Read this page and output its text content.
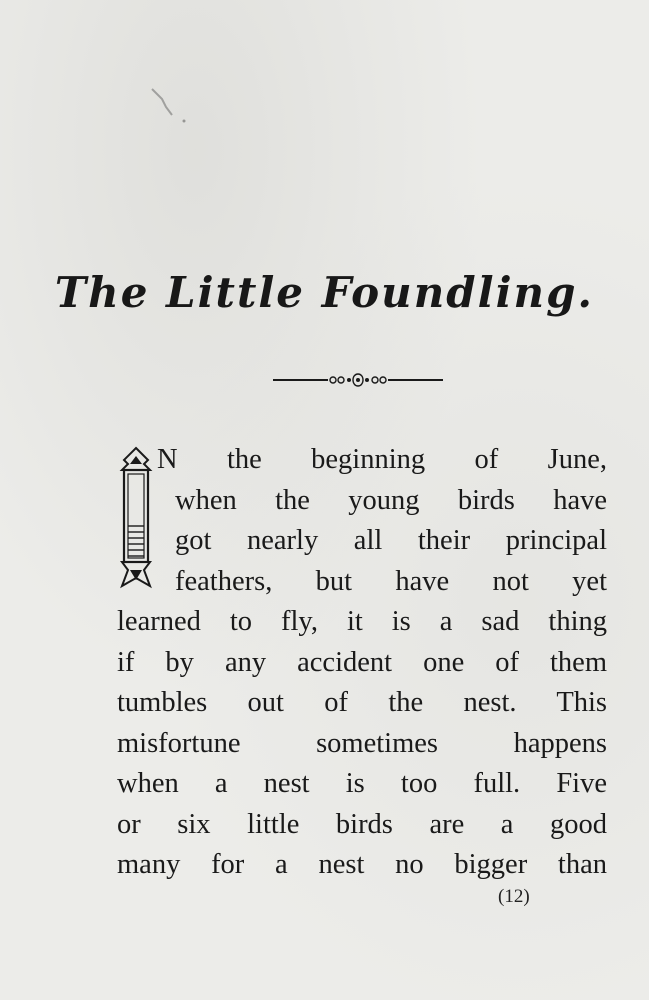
The Little Foundling.
N the beginning of June,
when the young birds have
got nearly all their principal
feathers, but have not yet
learned to fly, it is a sad thing
if by any accident one of them
tumbles out of the nest. This
misfortune sometimes happens
when a nest is too full. Five
or six little birds are a good
many for a nest no bigger than
(12)
